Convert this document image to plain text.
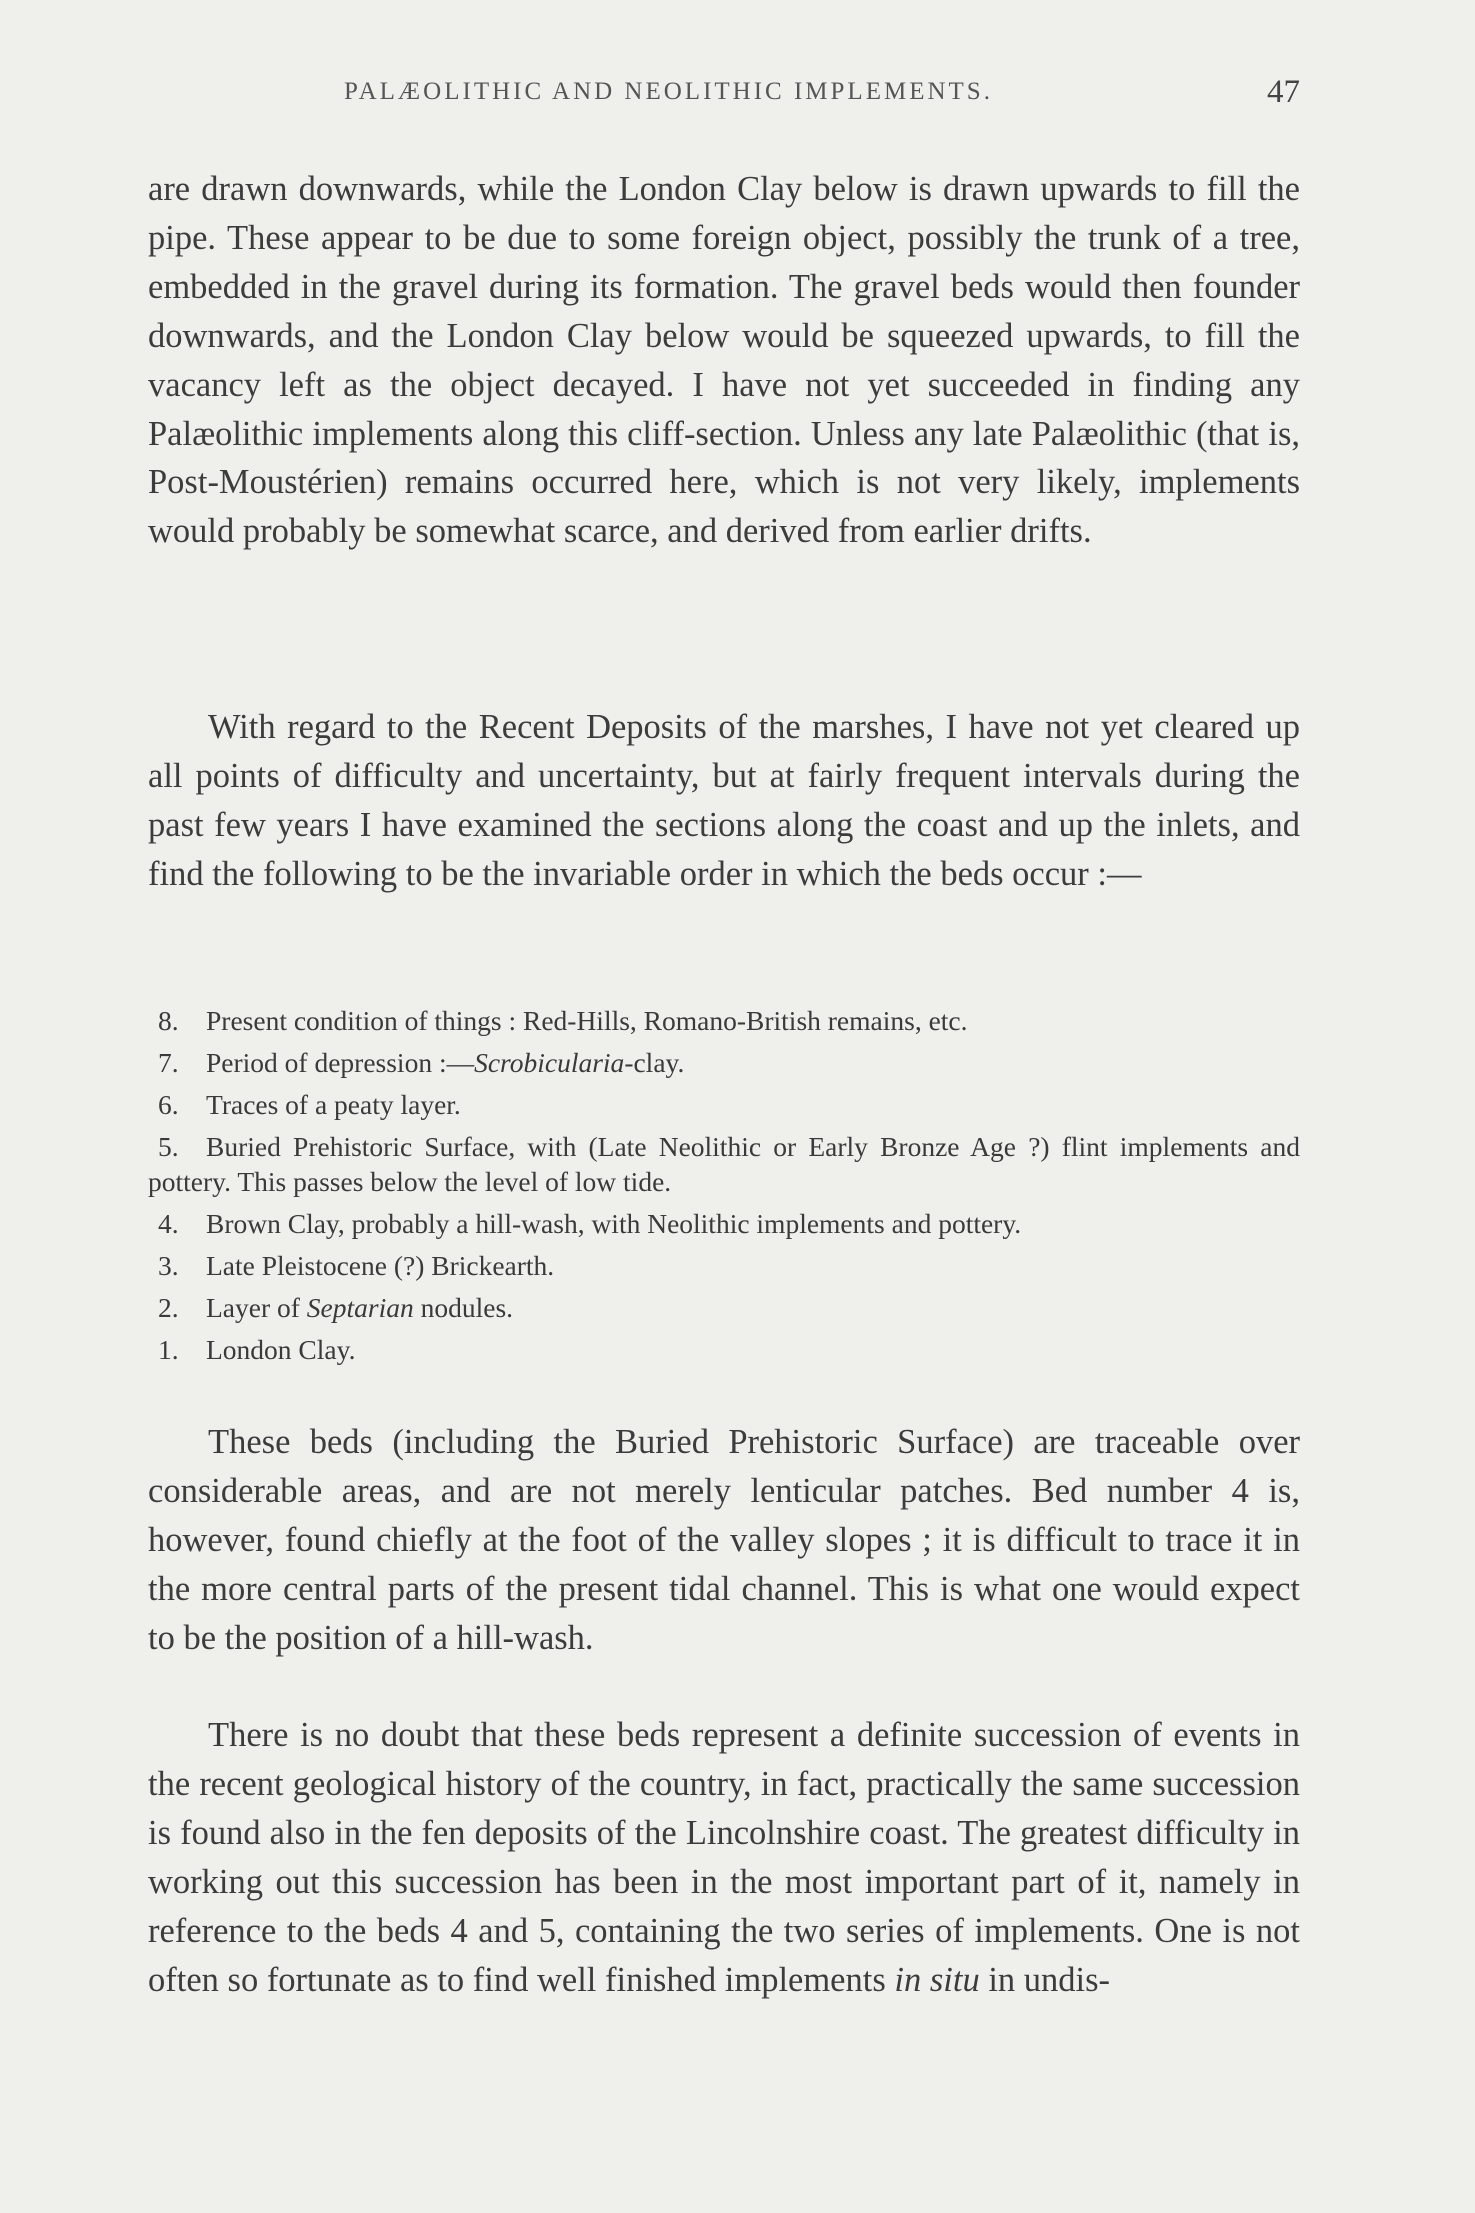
PALÆOLITHIC AND NEOLITHIC IMPLEMENTS.	47

are drawn downwards, while the London Clay below is drawn upwards to fill the pipe. These appear to be due to some foreign object, possibly the trunk of a tree, embedded in the gravel during its formation. The gravel beds would then founder downwards, and the London Clay below would be squeezed upwards, to fill the vacancy left as the object decayed. I have not yet succeeded in finding any Palæolithic implements along this cliff-section. Unless any late Palæolithic (that is, Post-Moustérien) remains occurred here, which is not very likely, implements would probably be somewhat scarce, and derived from earlier drifts.

With regard to the Recent Deposits of the marshes, I have not yet cleared up all points of difficulty and uncertainty, but at fairly frequent intervals during the past few years I have examined the sections along the coast and up the inlets, and find the following to be the invariable order in which the beds occur :—

8. Present condition of things : Red-Hills, Romano-British remains, etc.
7. Period of depression :—Scrobicularia-clay.
6. Traces of a peaty layer.
5. Buried Prehistoric Surface, with (Late Neolithic or Early Bronze Age ?) flint implements and pottery. This passes below the level of low tide.
4. Brown Clay, probably a hill-wash, with Neolithic implements and pottery.
3. Late Pleistocene (?) Brickearth.
2. Layer of Septarian nodules.
1. London Clay.

These beds (including the Buried Prehistoric Surface) are traceable over considerable areas, and are not merely lenticular patches. Bed number 4 is, however, found chiefly at the foot of the valley slopes ; it is difficult to trace it in the more central parts of the present tidal channel. This is what one would expect to be the position of a hill-wash.

There is no doubt that these beds represent a definite succession of events in the recent geological history of the country, in fact, practically the same succession is found also in the fen deposits of the Lincolnshire coast. The greatest difficulty in working out this succession has been in the most important part of it, namely in reference to the beds 4 and 5, containing the two series of implements. One is not often so fortunate as to find well finished implements in situ in undis-
